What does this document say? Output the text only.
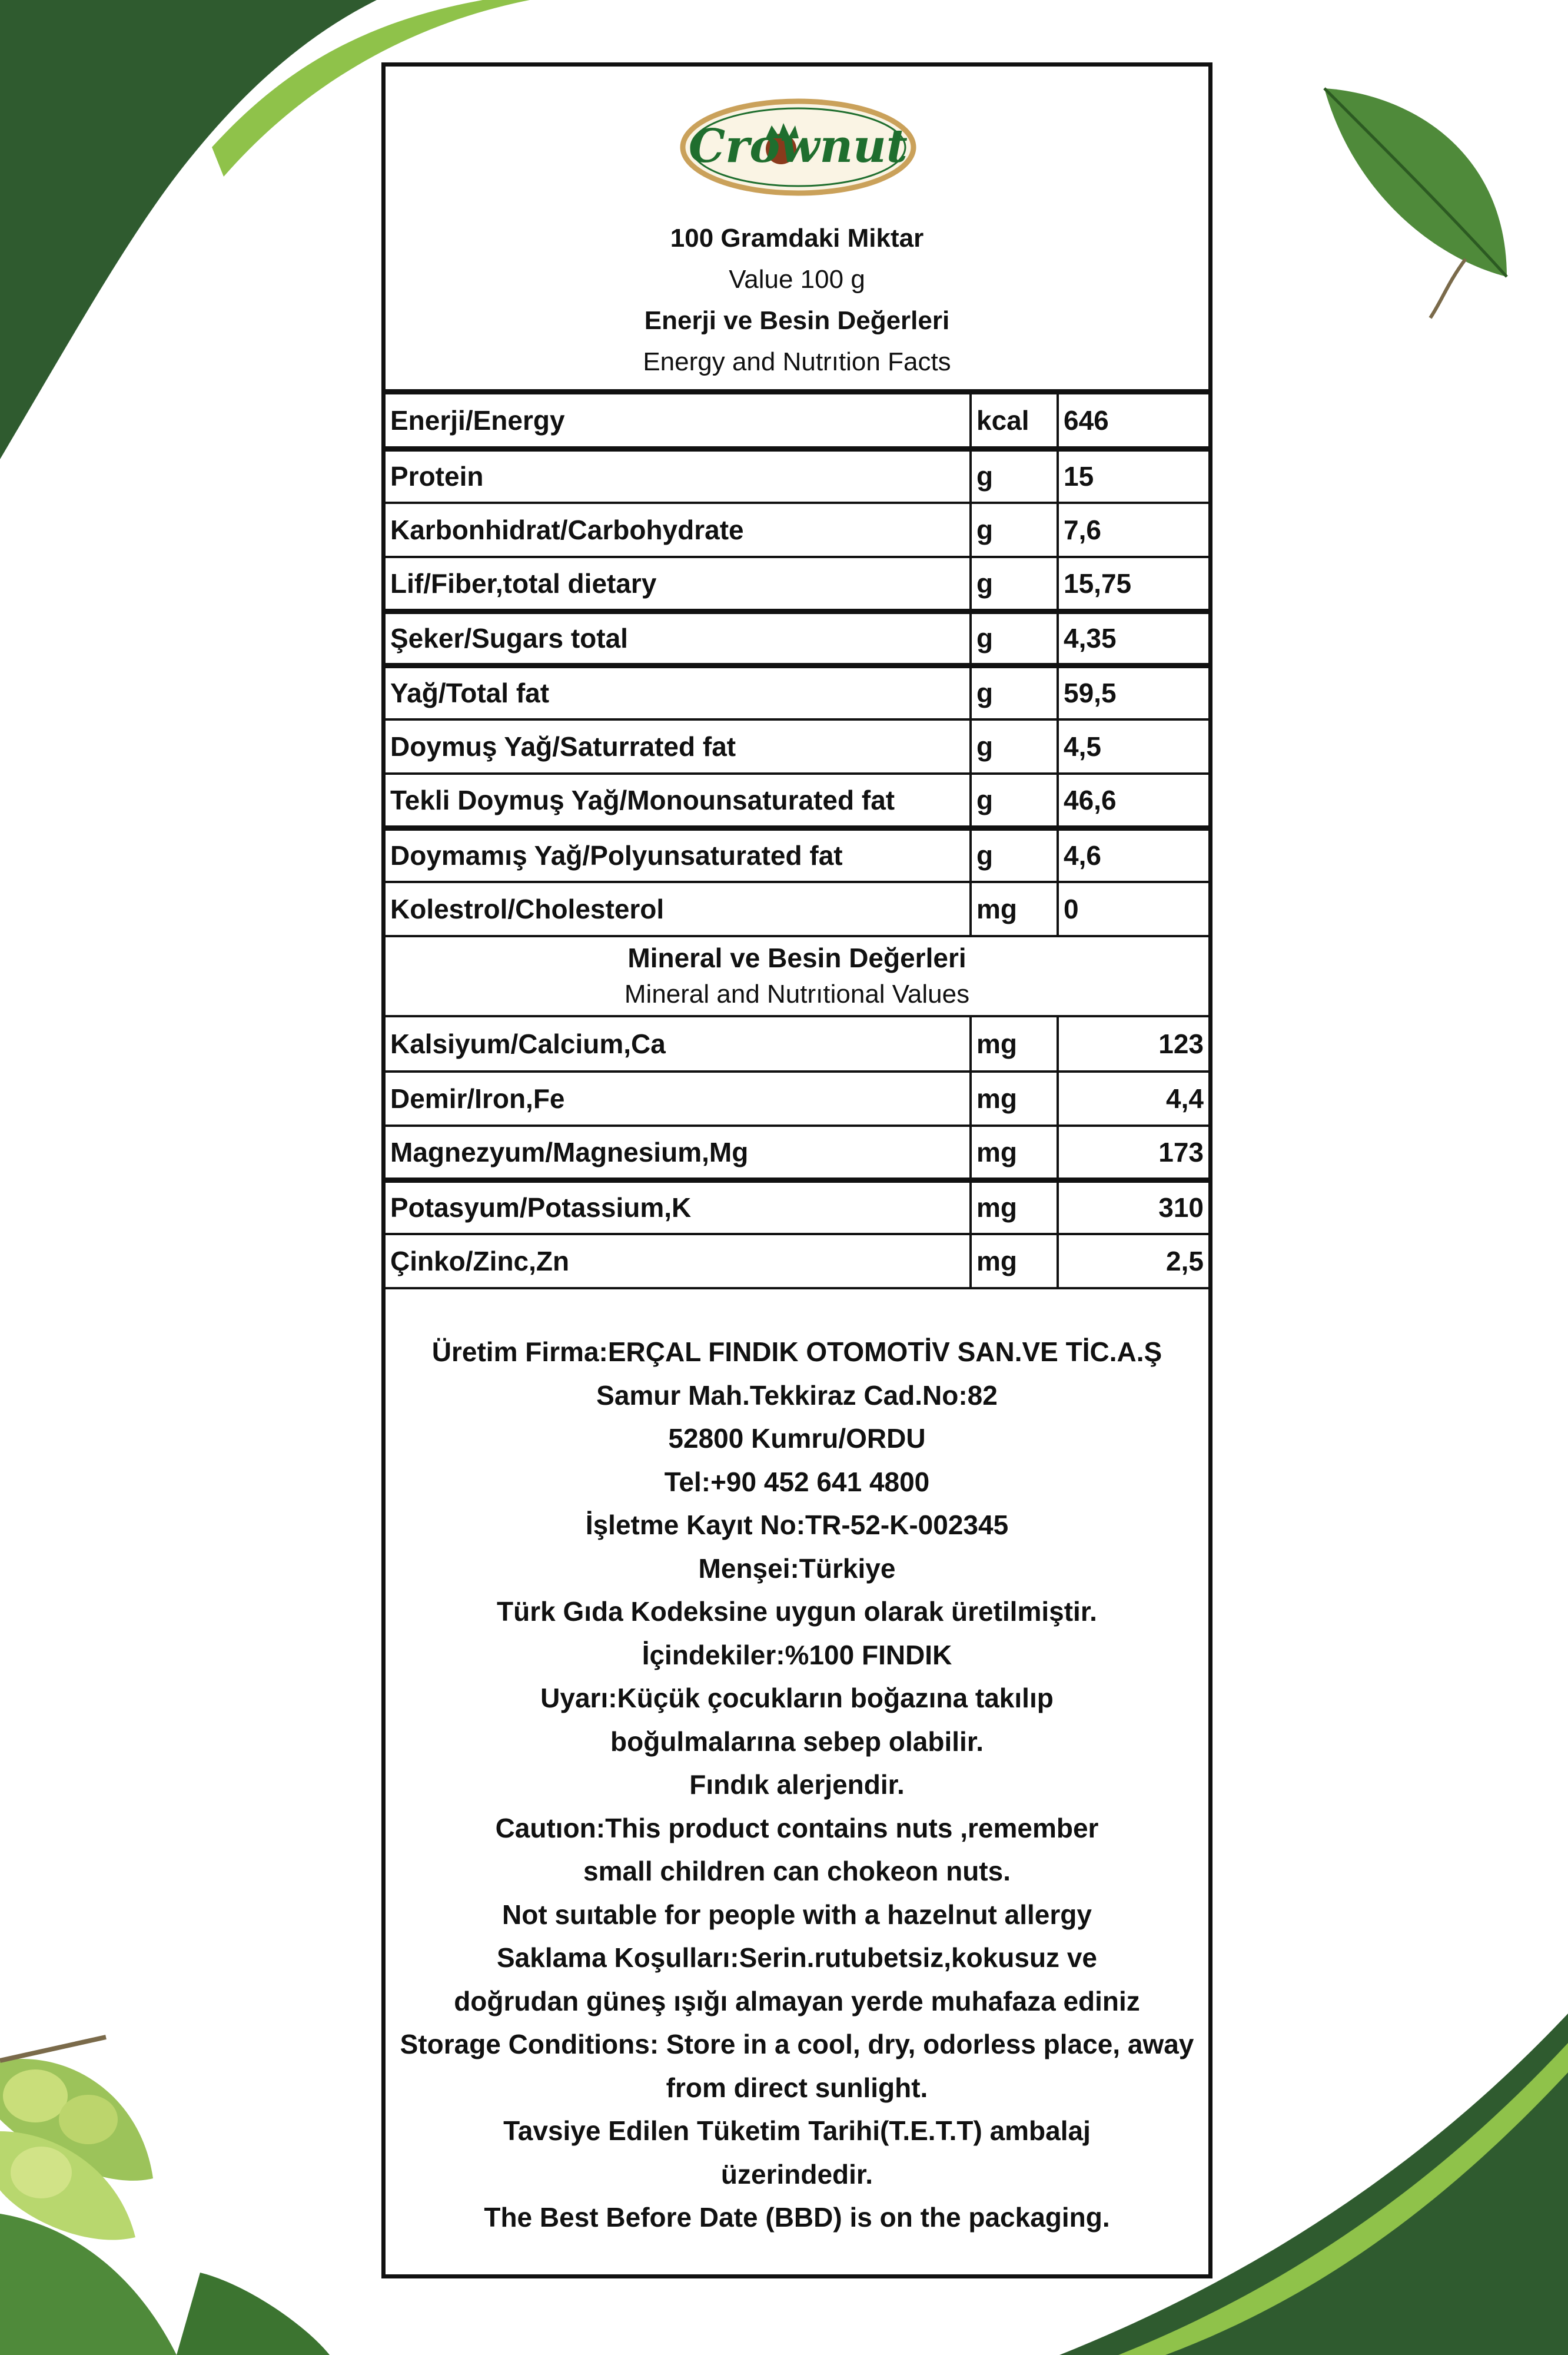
Crownut
100 Gramdaki Miktar
Value 100 g
Enerji ve Besin Değerleri
Energy and Nutrıtion Facts
Enerji/Energy	kcal	646
Protein	g	15
Karbonhidrat/Carbohydrate	g	7,6
Lif/Fiber,total dietary	g	15,75
Şeker/Sugars total	g	4,35
Yağ/Total fat	g	59,5
Doymuş Yağ/Saturrated fat	g	4,5
Tekli Doymuş Yağ/Monounsaturated fat	g	46,6
Doymamış Yağ/Polyunsaturated fat	g	4,6
Kolestrol/Cholesterol	mg	0
Mineral ve Besin Değerleri
Mineral and Nutrıtional Values
Kalsiyum/Calcium,Ca	mg	123
Demir/Iron,Fe	mg	4,4
Magnezyum/Magnesium,Mg	mg	173
Potasyum/Potassium,K	mg	310
Çinko/Zinc,Zn	mg	2,5
Üretim Firma:ERÇAL FINDIK OTOMOTİV SAN.VE TİC.A.Ş
Samur Mah.Tekkiraz Cad.No:82
52800 Kumru/ORDU
Tel:+90 452 641 4800
İşletme Kayıt No:TR-52-K-002345
Menşei:Türkiye
Türk Gıda Kodeksine uygun olarak üretilmiştir.
İçindekiler:%100 FINDIK
Uyarı:Küçük çocukların boğazına takılıp
boğulmalarına sebep olabilir.
Fındık alerjendir.
Cautıon:This product contains nuts ,remember
small children can chokeon nuts.
Not suıtable for people with a hazelnut allergy
Saklama Koşulları:Serin.rutubetsiz,kokusuz ve
doğrudan güneş ışığı almayan yerde muhafaza ediniz
Storage Conditions: Store in a cool, dry, odorless place, away
from direct sunlight.
Tavsiye Edilen Tüketim Tarihi(T.E.T.T) ambalaj
üzerindedir.
The Best Before Date (BBD) is on the packaging.
